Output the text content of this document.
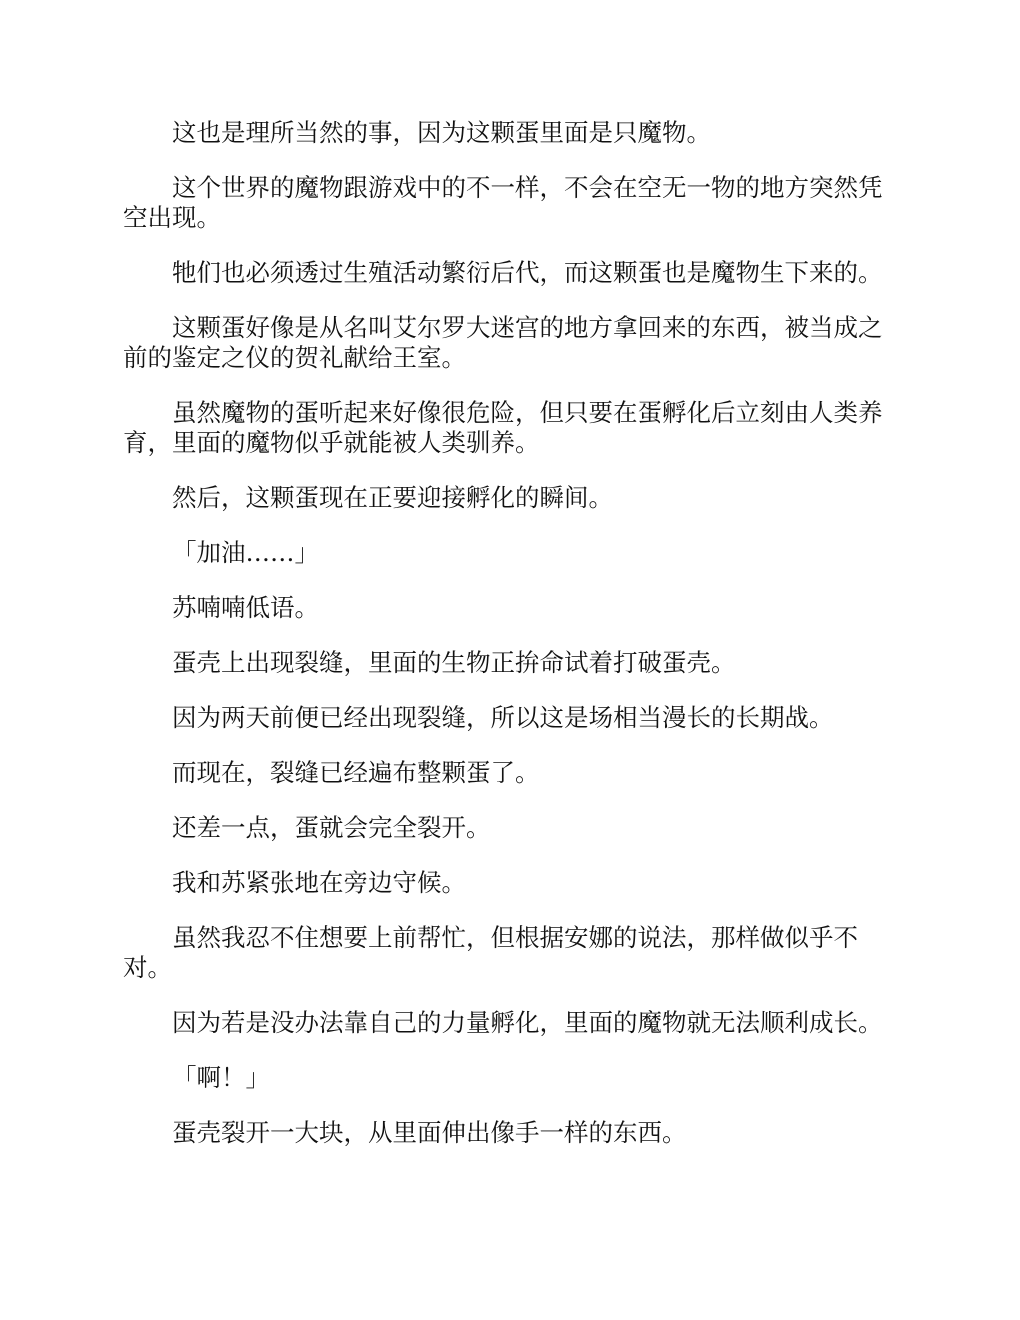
这也是理所当然的事，因为这颗蛋里面是只魔物。

这个世界的魔物跟游戏中的不一样，不会在空无一物的地方突然凭空出现。

牠们也必须透过生殖活动繁衍后代，而这颗蛋也是魔物生下来的。

这颗蛋好像是从名叫艾尔罗大迷宫的地方拿回来的东西，被当成之前的鉴定之仪的贺礼献给王室。

虽然魔物的蛋听起来好像很危险，但只要在蛋孵化后立刻由人类养育，里面的魔物似乎就能被人类驯养。

然后，这颗蛋现在正要迎接孵化的瞬间。

「加油……」

苏喃喃低语。

蛋壳上出现裂缝，里面的生物正拚命试着打破蛋壳。

因为两天前便已经出现裂缝，所以这是场相当漫长的长期战。

而现在，裂缝已经遍布整颗蛋了。

还差一点，蛋就会完全裂开。

我和苏紧张地在旁边守候。

虽然我忍不住想要上前帮忙，但根据安娜的说法，那样做似乎不对。

因为若是没办法靠自己的力量孵化，里面的魔物就无法顺利成长。

「啊！」

蛋壳裂开一大块，从里面伸出像手一样的东西。
